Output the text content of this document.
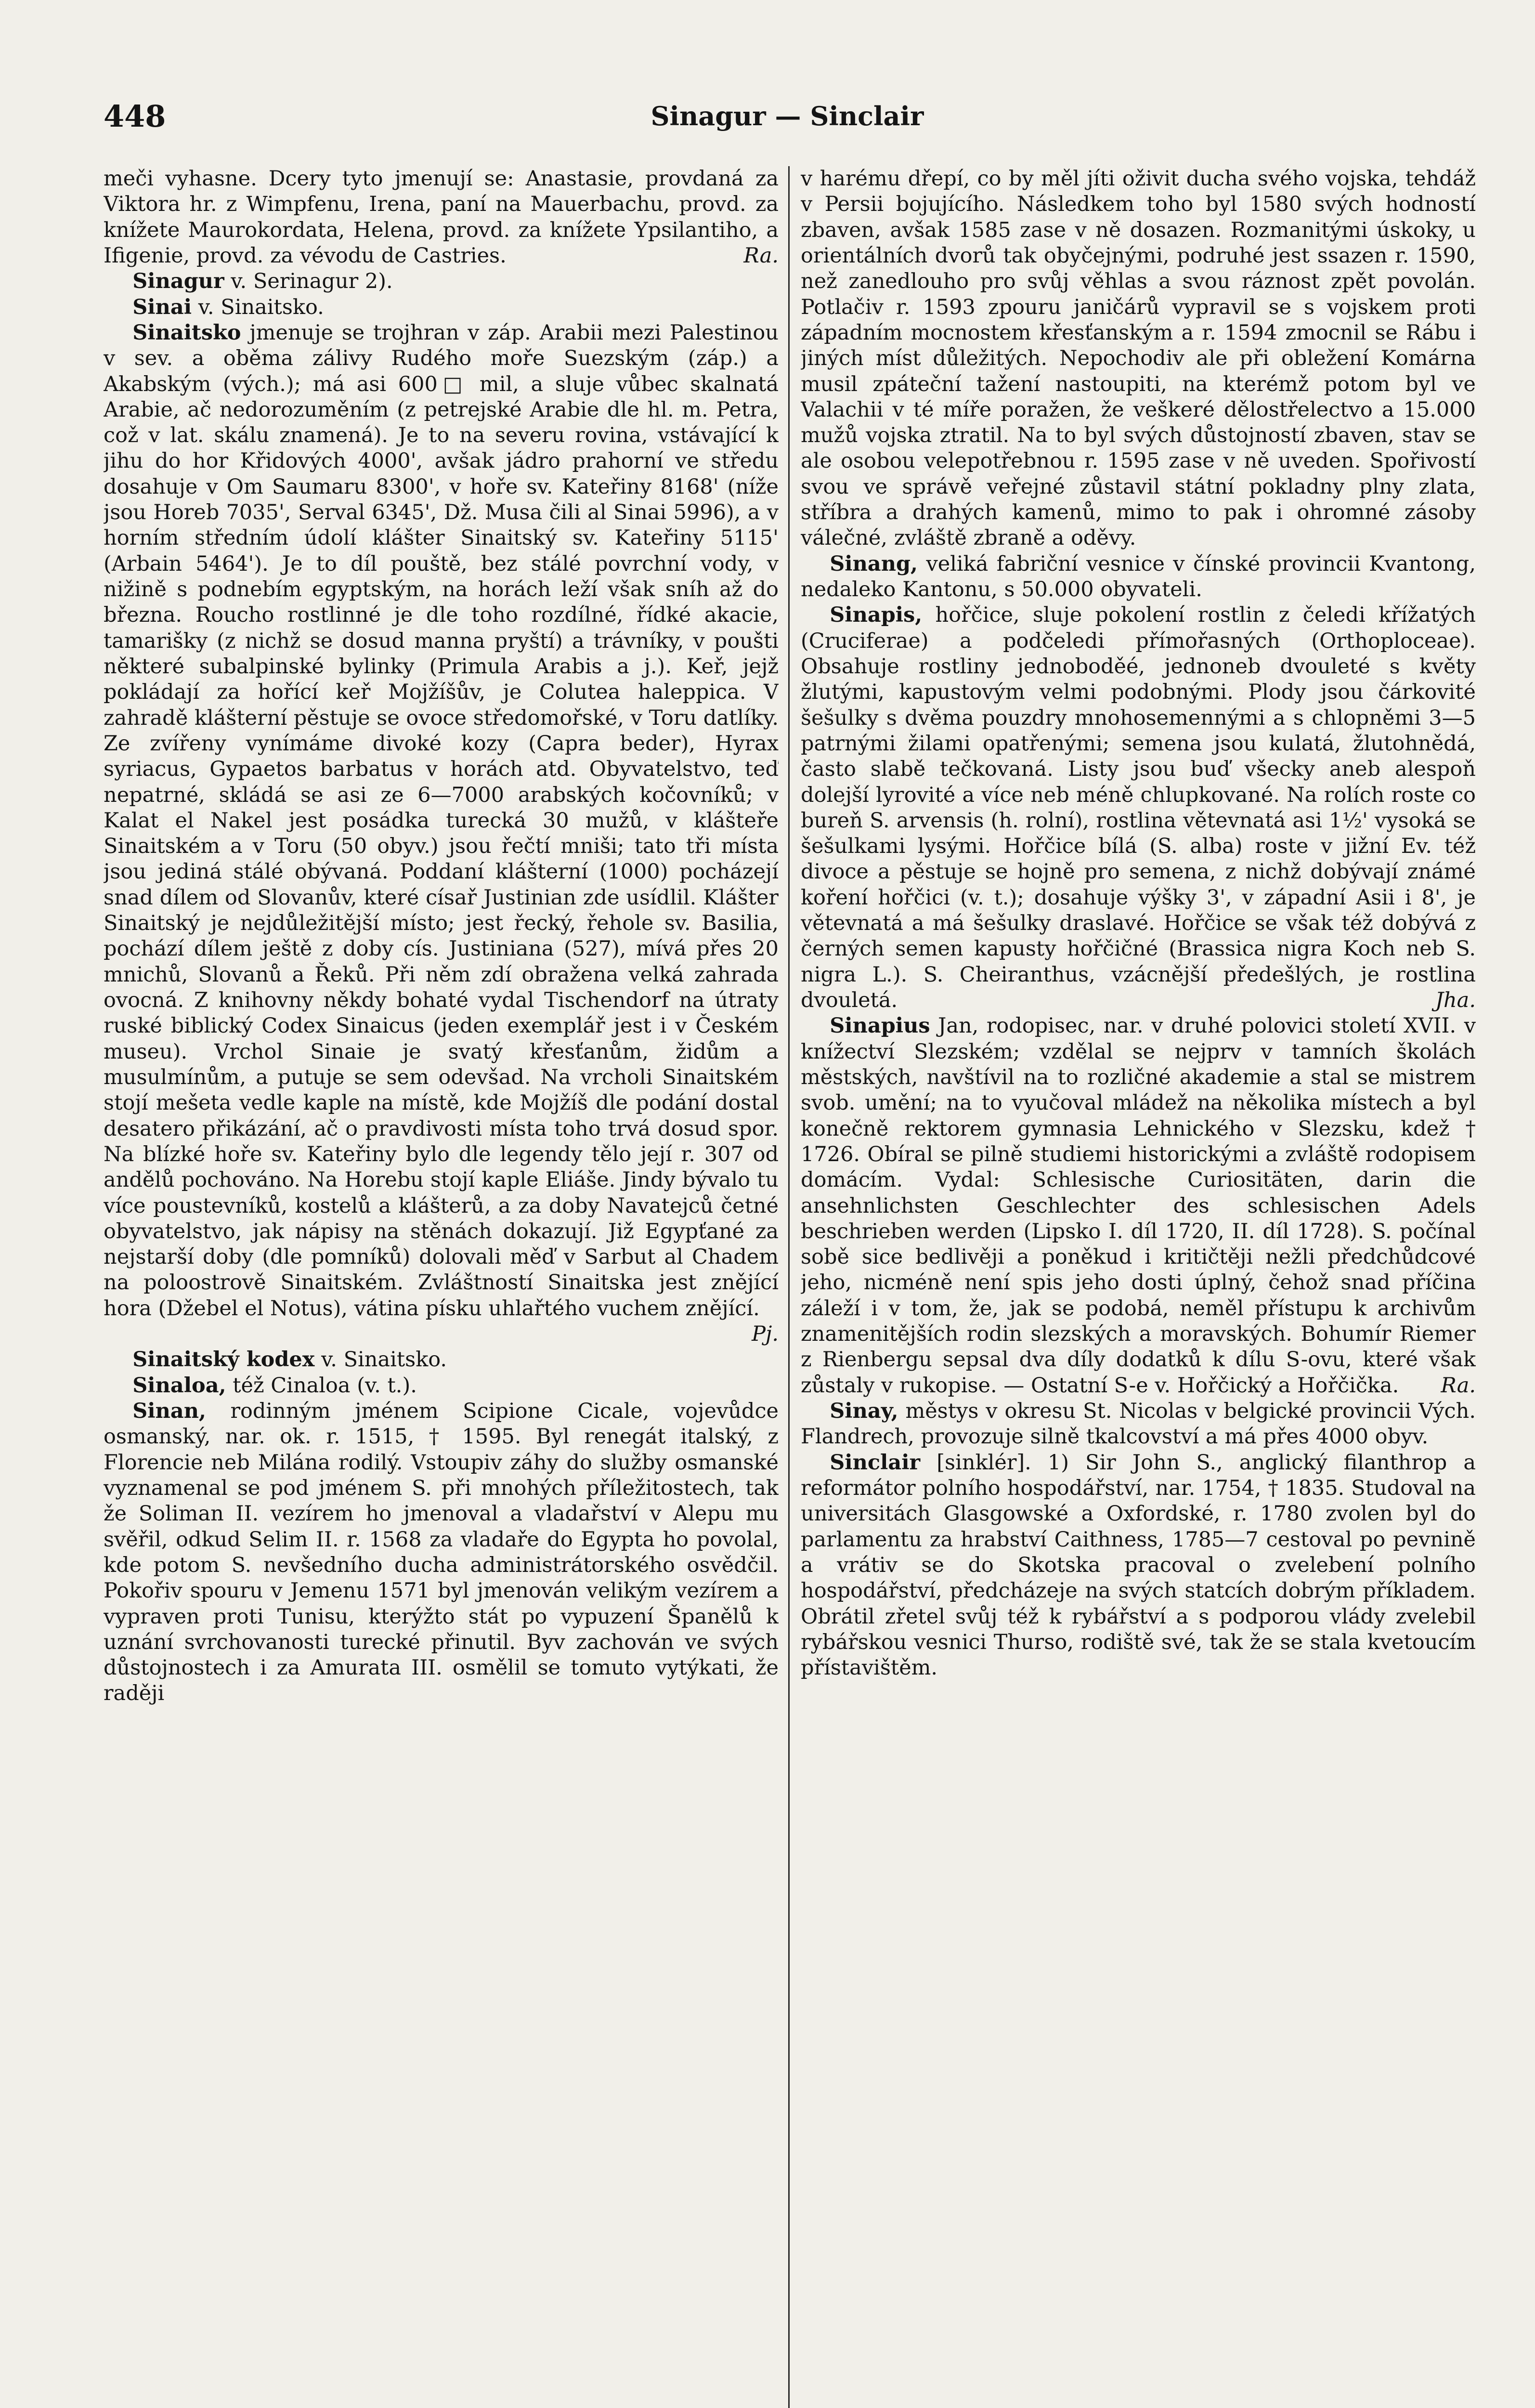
448	Sinagur — Sinclair

meči vyhasne. Dcery tyto jmenují se: Anastasie, provdaná za Viktora hr. z Wimpfenu, Irena, paní na Mauerbachu, provd. za knížete Maurokordata, Helena, provd. za knížete Ypsilantiho, a Ifigenie, provd. za vévodu de Castries.	Ra.

Sinagur v. Serinagur 2).

Sinai v. Sinaitsko.

Sinaitsko jmenuje se trojhran v záp. Arabii mezi Palestinou v sev. a oběma zálivy Rudého moře Suezským (záp.) a Akabským (vých.); má asi 600□ mil, a sluje vůbec skalnatá Arabie, ač nedorozuměním (z petrejské Arabie dle hl. m. Petra, což v lat. skálu znamená). Je to na severu rovina, vstávající k jihu do hor Křidových 4000', avšak jádro prahorní ve středu dosahuje v Om Saumaru 8300', v hoře sv. Kateřiny 8168' (níže jsou Horeb 7035', Serval 6345', Dž. Musa čili al Sinai 5996), a v horním středním údolí klášter Sinaitský sv. Kateřiny 5115' (Arbain 5464'). Je to díl pouště, bez stálé povrchní vody, v nižině s podnebím egyptským, na horách leží však sníh až do března. Rouchо rostlinné je dle toho rozdílné, řídké akacie, tamarišky (z nichž se dosud manna pryští) a trávníky, v poušti některé subalpinské bylinky (Primula Arabis a j.). Keř, jejž pokládají za hořící keř Mojžíšův, je Colutea haleppica. V zahradě klášterní pěstuje se ovoce středomořské, v Toru datlíky. Ze zvířeny vynímáme divoké kozy (Capra beder), Hyrax syriacus, Gypaetos barbatus v horách atd. Obyvatelstvo, teď nepatrné, skládá se asi ze 6—7000 arabských kočovníků; v Kalat el Nakel jest posádka turecká 30 mužů, v klášteře Sinaitském a v Toru (50 obyv.) jsou řečtí mniši; tato tři místa jsou jediná stálé obývaná. Poddaní klášterní (1000) pocházejí snad dílem od Slovanův, které císař Justinian zde usídlil. Klášter Sinaitský je nejdůležitější místo; jest řecký, řehole sv. Basilia, pochází dílem ještě z doby cís. Justiniana (527), mívá přes 20 mnichů, Slovanů a Řeků. Při něm zdí obražena velká zahrada ovocná. Z knihovny někdy bohaté vydal Tischendorf na útraty ruské biblický Codex Sinaicus (jeden exemplář jest i v Českém museu). Vrchol Sinaie je svatý křesťanům, židům a musulmínům, a putuje se sem odevšad. Na vrcholi Sinaitském stojí mešeta vedle kaple na místě, kde Mojžíš dle podání dostal desatero přikázání, ač o pravdivosti místa toho trvá dosud spor. Na blízké hoře sv. Kateřiny bylo dle legendy tělo její r. 307 od andělů pochováno. Na Horebu stojí kaple Eliáše. Jindy bývalo tu více poustevníků, kostelů a klášterů, a za doby Navatejců četné obyvatelstvo, jak nápisy na stěnách dokazují. Již Egypťané za nejstarší doby (dle pomníků) dolovali měď v Sarbut al Chadem na poloostrově Sinaitském. Zvláštností Sinaitska jest znějící hora (Džebel el Notus), vátina písku uhlařtého vuchem znějící.
Pj.

Sinaitský kodex v. Sinaitsko.

Sinaloa, též Cinaloa (v. t.).

Sinan, rodinným jménem Scipione Cicale, vojevůdce osmanský, nar. ok. r. 1515, † 1595. Byl renegát italský, z Florencie neb Milána rodilý. Vstoupiv záhy do služby osmanské vyznamenal se pod jménem S. při mnohých příležitostech, tak že Soliman II. vezírem ho jmenoval a vladařství v Alepu mu svěřil, odkud Selim II. r. 1568 za vladaře do Egypta ho povolal, kde potom S. nevšedního ducha administrátorského osvědčil. Pokořiv spouru v Jemenu 1571 byl jmenován velikým vezírem a vypraven proti Tunisu, kterýžto stát po vypuzení Španělů k uznání svrchovanosti turecké přinutil. Byv zachován ve svých důstojnostech i za Amurata III. osmělil se tomuto vytýkati, že raději

v harému dřepí, co by měl jíti oživit ducha svého vojska, tehdáž v Persii bojujícího. Následkem toho byl 1580 svých hodností zbaven, avšak 1585 zase v ně dosazen. Rozmanitými úskoky, u orientálních dvorů tak obyčejnými, podruhé jest ssazen r. 1590, než zanedlouho pro svůj věhlas a svou ráznost zpět povolán. Potlačiv r. 1593 zpouru janičárů vypravil se s vojskem proti západním mocnostem křesťanským a r. 1594 zmocnil se Rábu i jiných míst důležitých. Nepochodiv ale při obležení Komárna musil zpáteční tažení nastoupiti, na kterémž potom byl ve Valachii v té míře poražen, že veškeré dělostřelectvo a 15.000 mužů vojska ztratil. Na to byl svých důstojností zbaven, stav se ale osobou velepotřebnou r. 1595 zase v ně uveden. Spořivostí svou ve správě veřejné zůstavil státní pokladny plny zlata, stříbra a drahých kamenů, mimo to pak i ohromné zásoby válečné, zvláště zbraně a oděvy.

Sinang, veliká fabriční vesnice v čínské provincii Kvantong, nedaleko Kantonu, s 50.000 obyvateli.

Sinapis, hořčice, sluje pokolení rostlin z čeledi křížatých (Cruciferae) a podčeledi přímořasných (Orthoploceae). Obsahuje rostliny jednoboděé, jednoneb dvouleté s květy žlutými, kapustovým velmi podobnými. Plody jsou čárkovité šešulky s dvěma pouzdry mnohosemennými a s chlopněmi 3—5 patrnými žilami opatřenými; semena jsou kulatá, žlutohnědá, často slabě tečkovaná. Listy jsou buď všecky aneb alespoň dolejší lyrovité a více neb méně chlupkované. Na rolích roste co bureň S. arvensis (h. rolní), rostlina větevnatá asi 1½' vysoká se šešulkami lysými. Hořčice bílá (S. alba) roste v jižní Ev. též divoce a pěstuje se hojně pro semena, z nichž dobývají známé koření hořčici (v. t.); dosahuje výšky 3', v západní Asii i 8', je větevnatá a má šešulky draslavé. Hořčice se však též dobývá z černých semen kapusty hořčičné (Brassica nigra Koch neb S. nigra L.). S. Cheiranthus, vzácnější předešlých, je rostlina dvouletá.	Jha.

Sinapius Jan, rodopisec, nar. v druhé polovici století XVII. v knížectví Slezském; vzdělal se nejprv v tamních školách městských, navštívil na to rozličné akademie a stal se mistrem svob. umění; na to vyučoval mládež na několika místech a byl konečně rektorem gymnasia Lehnického v Slezsku, kdež † 1726. Obíral se pilně studiemi historickými a zvláště rodopisem domácím. Vydal: Schlesische Curiositäten, darin die ansehnlichsten Geschlechter des schlesischen Adels beschrieben werden (Lipsko I. díl 1720, II. díl 1728). S. počínal sobě sice bedlivěji a poněkud i kritičtěji nežli předchůdcové jeho, nicméně není spis jeho dosti úplný, čehož snad příčina záleží i v tom, že, jak se podobá, neměl přístupu k archivům znamenitějších rodin slezských a moravských. Bohumír Riemer z Rienbergu sepsal dva díly dodatků k dílu S-ovu, které však zůstaly v rukopise. — Ostatní S-e v. Hořčický a Hořčička.	Ra.

Sinay, městys v okresu St. Nicolas v belgické provincii Vých. Flandrech, provozuje silně tkalcovství a má přes 4000 obyv.

Sinclair [sinklér]. 1) Sir John S., anglický filanthrop a reformátor polního hospodářství, nar. 1754, † 1835. Studoval na universitách Glasgowské a Oxfordské, r. 1780 zvolen byl do parlamentu za hrabství Caithness, 1785—7 cestoval po pevnině a vrátiv se do Skotska pracoval o zvelebení polního hospodářství, předcházeje na svých statcích dobrým příkladem. Obrátil zřetel svůj též k rybářství a s podporou vlády zvelebil rybářskou vesnici Thurso, rodiště své, tak že se stala kvetoucím přístavištěm.
